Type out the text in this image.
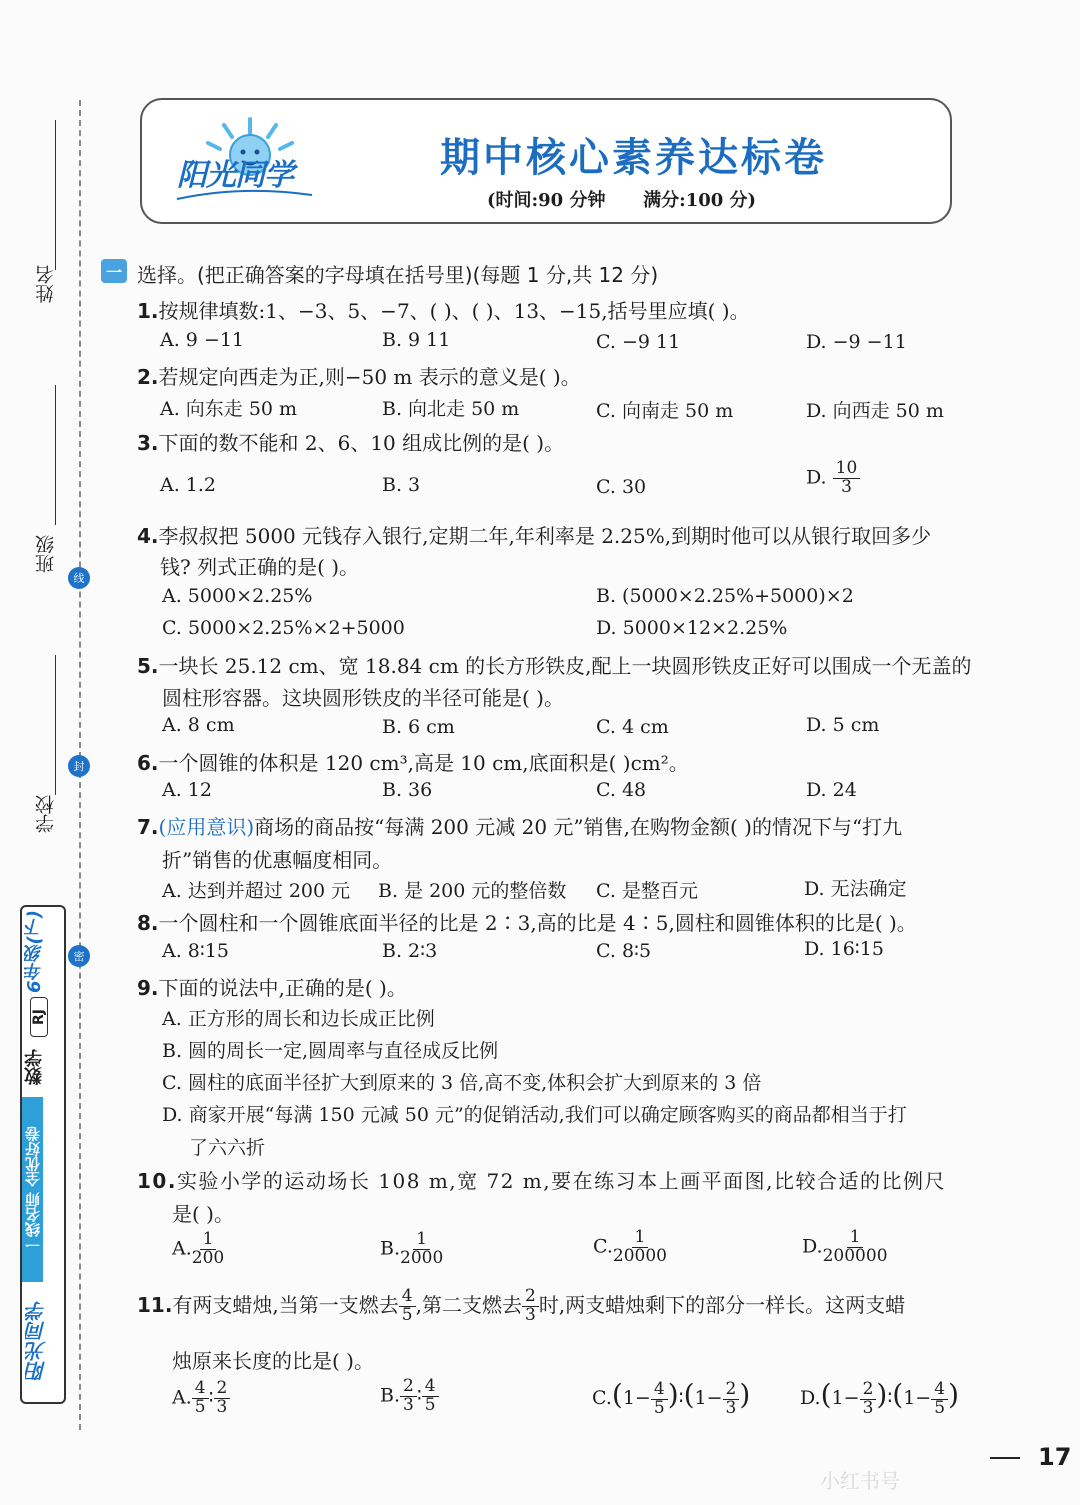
姓名
班级
学校
线
封
密
6年级(下)
RJ
数学
一线名师 全优好卷
阳光同学
阳光同学	期中核心素养达标卷
(时间:90 分钟      满分:100 分)
一 选择。(把正确答案的字母填在括号里)(每题 1 分,共 12 分)
1.按规律填数:1、−3、5、−7、( )、( )、13、−15,括号里应填( )。
A. 9 −11	B. 9 11	C. −9 11	D. −9 −11
2.若规定向西走为正,则−50 m 表示的意义是( )。
A. 向东走 50 m	B. 向北走 50 m	C. 向南走 50 m	D. 向西走 50 m
3.下面的数不能和 2、6、10 组成比例的是( )。
A. 1.2	B. 3	C. 30	D. $\frac{10}{3}$
4.李叔叔把 5000 元钱存入银行,定期二年,年利率是 2.25%,到期时他可以从银行取回多少
钱? 列式正确的是( )。
A. 5000×2.25%	B. (5000×2.25%+5000)×2
C. 5000×2.25%×2+5000	D. 5000×12×2.25%
5.一块长 25.12 cm、宽 18.84 cm 的长方形铁皮,配上一块圆形铁皮正好可以围成一个无盖的
圆柱形容器。这块圆形铁皮的半径可能是( )。
A. 8 cm	B. 6 cm	C. 4 cm	D. 5 cm
6.一个圆锥的体积是 120 cm³,高是 10 cm,底面积是( )cm²。
A. 12	B. 36	C. 48	D. 24
7.(应用意识)商场的商品按“每满 200 元减 20 元”销售,在购物金额( )的情况下与“打九
折”销售的优惠幅度相同。
A. 达到并超过 200 元 B. 是 200 元的整倍数 C. 是整百元	D. 无法确定
8.一个圆柱和一个圆锥底面半径的比是 2∶3,高的比是 4∶5,圆柱和圆锥体积的比是( )。
A. 8∶15	B. 2∶3	C. 8∶5	D. 16∶15
9.下面的说法中,正确的是( )。
A. 正方形的周长和边长成正比例
B. 圆的周长一定,圆周率与直径成反比例
C. 圆柱的底面半径扩大到原来的 3 倍,高不变,体积会扩大到原来的 3 倍
D. 商家开展“每满 150 元减 50 元”的促销活动,我们可以确定顾客购买的商品都相当于打
了六六折
10.实验小学的运动场长 108 m,宽 72 m,要在练习本上画平面图,比较合适的比例尺
是( )。
A. $\frac{1}{200}$	B. $\frac{1}{2000}$	C. $\frac{1}{20000}$	D. $\frac{1}{200000}$
11.有两支蜡烛,当第一支燃去 $\frac{4}{5}$ ,第二支燃去 $\frac{2}{3}$ 时,两支蜡烛剩下的部分一样长。这两支蜡
烛原来长度的比是( )。
A. $\frac{4}{5}$ ∶ $\frac{2}{3}$	B. $\frac{2}{3}$ ∶ $\frac{4}{5}$	$C.(1- \frac{4}{5}$ )∶(1− $\frac{2}{3}$ )	$D.(1- \frac{2}{3}$ )∶(1− $\frac{4}{5}$ )
17
小红书号
